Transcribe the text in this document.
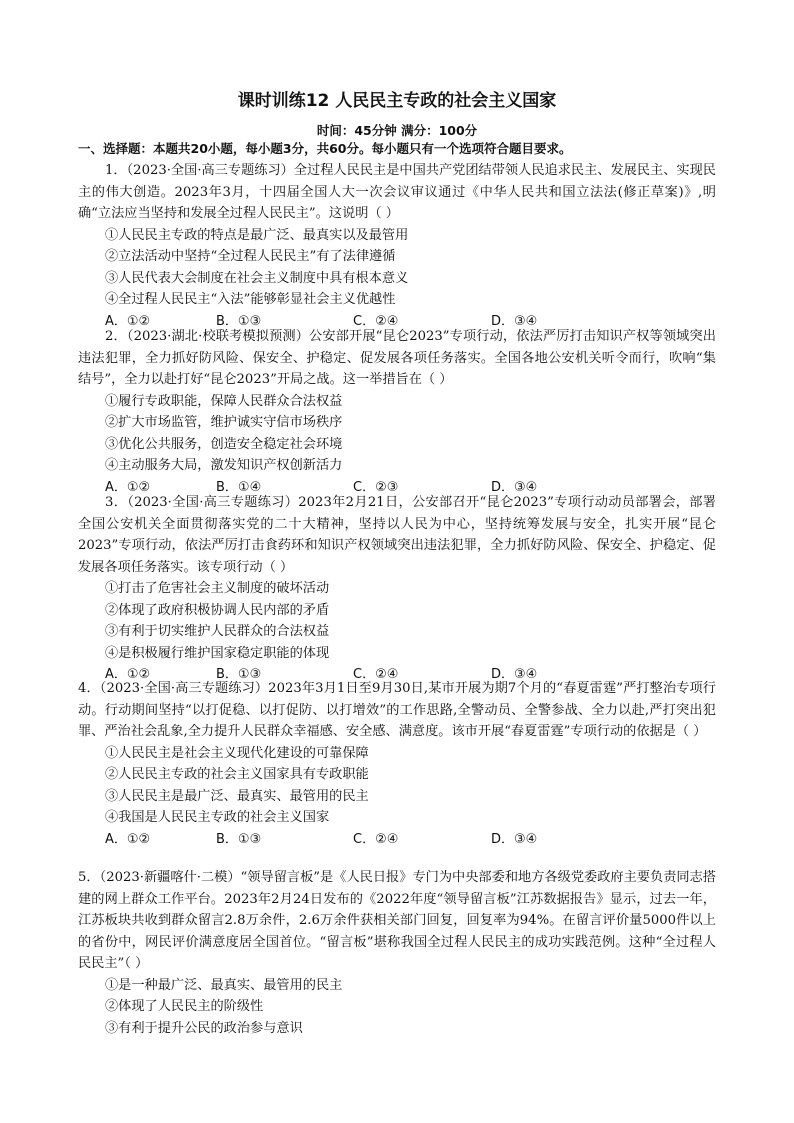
课时训练12 人民民主专政的社会主义国家
时间：45分钟 满分：100分
一、选择题：本题共20小题，每小题3分，共60分。每小题只有一个选项符合题目要求。
1．（2023·全国·高三专题练习）全过程人民民主是中国共产党团结带领人民追求民主、发展民主、实现民主的伟大创造。2023年3月，十四届全国人大一次会议审议通过《中华人民共和国立法法(修正草案)》,明确“立法应当坚持和发展全过程人民民主”。这说明（ ）
①人民民主专政的特点是最广泛、最真实以及最管用
②立法活动中坚持“全过程人民民主”有了法律遵循
③人民代表大会制度在社会主义制度中具有根本意义
④全过程人民民主“入法”能够彰显社会主义优越性
A．①②	B．①③	C．②④	D．③④
2．（2023·湖北·校联考模拟预测）公安部开展“昆仑2023”专项行动，依法严厉打击知识产权等领域突出违法犯罪，全力抓好防风险、保安全、护稳定、促发展各项任务落实。全国各地公安机关听令而行，吹响“集结号”，全力以赴打好“昆仑2023”开局之战。这一举措旨在（ ）
①履行专政职能，保障人民群众合法权益
②扩大市场监管，维护诚实守信市场秩序
③优化公共服务，创造安全稳定社会环境
④主动服务大局，激发知识产权创新活力
A．①②	B．①④	C．②③	D．③④
3．（2023·全国·高三专题练习）2023年2月21日，公安部召开“昆仑2023”专项行动动员部署会，部署全国公安机关全面贯彻落实党的二十大精神，坚持以人民为中心，坚持统筹发展与安全，扎实开展“昆仑2023”专项行动，依法严厉打击食药环和知识产权领域突出违法犯罪，全力抓好防风险、保安全、护稳定、促发展各项任务落实。该专项行动（ ）
①打击了危害社会主义制度的破坏活动
②体现了政府积极协调人民内部的矛盾
③有利于切实维护人民群众的合法权益
④是积极履行维护国家稳定职能的体现
A．①②	B．①③	C．②④	D．③④
4．（2023·全国·高三专题练习）2023年3月1日至9月30日,某市开展为期7个月的“春夏雷霆”严打整治专项行动。行动期间坚持“以打促稳、以打促防、以打增效”的工作思路,全警动员、全警参战、全力以赴,严打突出犯罪、严治社会乱象,全力提升人民群众幸福感、安全感、满意度。该市开展“春夏雷霆”专项行动的依据是（ ）
①人民民主是社会主义现代化建设的可靠保障
②人民民主专政的社会主义国家具有专政职能
③人民民主是最广泛、最真实、最管用的民主
④我国是人民民主专政的社会主义国家
A．①②	B．①③	C．②④	D．③④
5．（2023·新疆喀什·二模）“领导留言板”是《人民日报》专门为中央部委和地方各级党委政府主要负责同志搭建的网上群众工作平台。2023年2月24日发布的《2022年度“领导留言板”江苏数据报告》显示，过去一年，江苏板块共收到群众留言2.8万余件，2.6万余件获相关部门回复，回复率为94%。在留言评价量5000件以上的省份中，网民评价满意度居全国首位。“留言板”堪称我国全过程人民民主的成功实践范例。这种“全过程人民民主”（ ）
①是一种最广泛、最真实、最管用的民主
②体现了人民民主的阶级性
③有利于提升公民的政治参与意识
